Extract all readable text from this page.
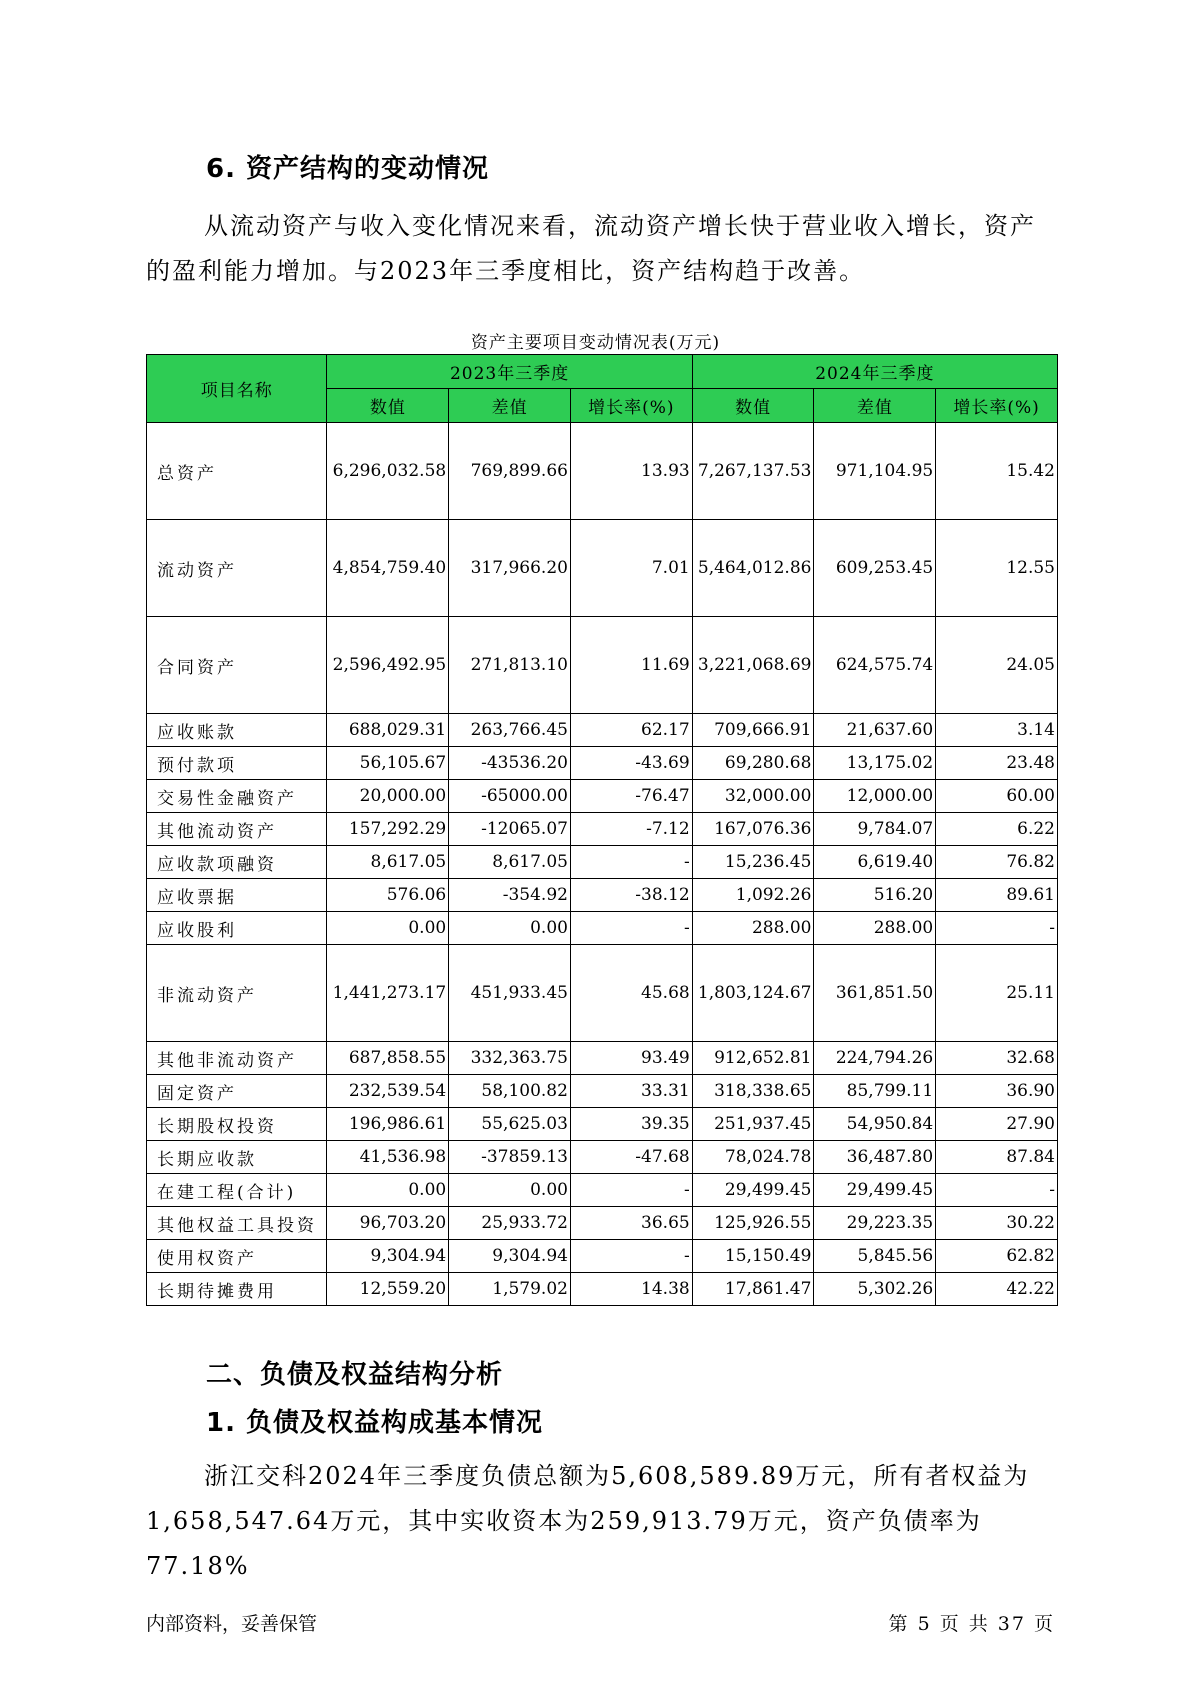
6. 资产结构的变动情况
从流动资产与收入变化情况来看，流动资产增长快于营业收入增长，资产的盈利能力增加。与2023年三季度相比，资产结构趋于改善。
资产主要项目变动情况表(万元)
项目名称	2023年三季度			2024年三季度		
	数值	差值	增长率(%)	数值	差值	增长率(%)
总资产	6,296,032.58	769,899.66	13.93	7,267,137.53	971,104.95	15.42
流动资产	4,854,759.40	317,966.20	7.01	5,464,012.86	609,253.45	12.55
合同资产	2,596,492.95	271,813.10	11.69	3,221,068.69	624,575.74	24.05
应收账款	688,029.31	263,766.45	62.17	709,666.91	21,637.60	3.14
预付款项	56,105.67	-43536.20	-43.69	69,280.68	13,175.02	23.48
交易性金融资产	20,000.00	-65000.00	-76.47	32,000.00	12,000.00	60.00
其他流动资产	157,292.29	-12065.07	-7.12	167,076.36	9,784.07	6.22
应收款项融资	8,617.05	8,617.05	-	15,236.45	6,619.40	76.82
应收票据	576.06	-354.92	-38.12	1,092.26	516.20	89.61
应收股利	0.00	0.00	-	288.00	288.00	-
非流动资产	1,441,273.17	451,933.45	45.68	1,803,124.67	361,851.50	25.11
其他非流动资产	687,858.55	332,363.75	93.49	912,652.81	224,794.26	32.68
固定资产	232,539.54	58,100.82	33.31	318,338.65	85,799.11	36.90
长期股权投资	196,986.61	55,625.03	39.35	251,937.45	54,950.84	27.90
长期应收款	41,536.98	-37859.13	-47.68	78,024.78	36,487.80	87.84
在建工程(合计)	0.00	0.00	-	29,499.45	29,499.45	-
其他权益工具投资	96,703.20	25,933.72	36.65	125,926.55	29,223.35	30.22
使用权资产	9,304.94	9,304.94	-	15,150.49	5,845.56	62.82
长期待摊费用	12,559.20	1,579.02	14.38	17,861.47	5,302.26	42.22
二、负债及权益结构分析
1. 负债及权益构成基本情况
浙江交科2024年三季度负债总额为5,608,589.89万元，所有者权益为1,658,547.64万元，其中实收资本为259,913.79万元，资产负债率为77.18%
内部资料，妥善保管	第 5 页 共 37 页
